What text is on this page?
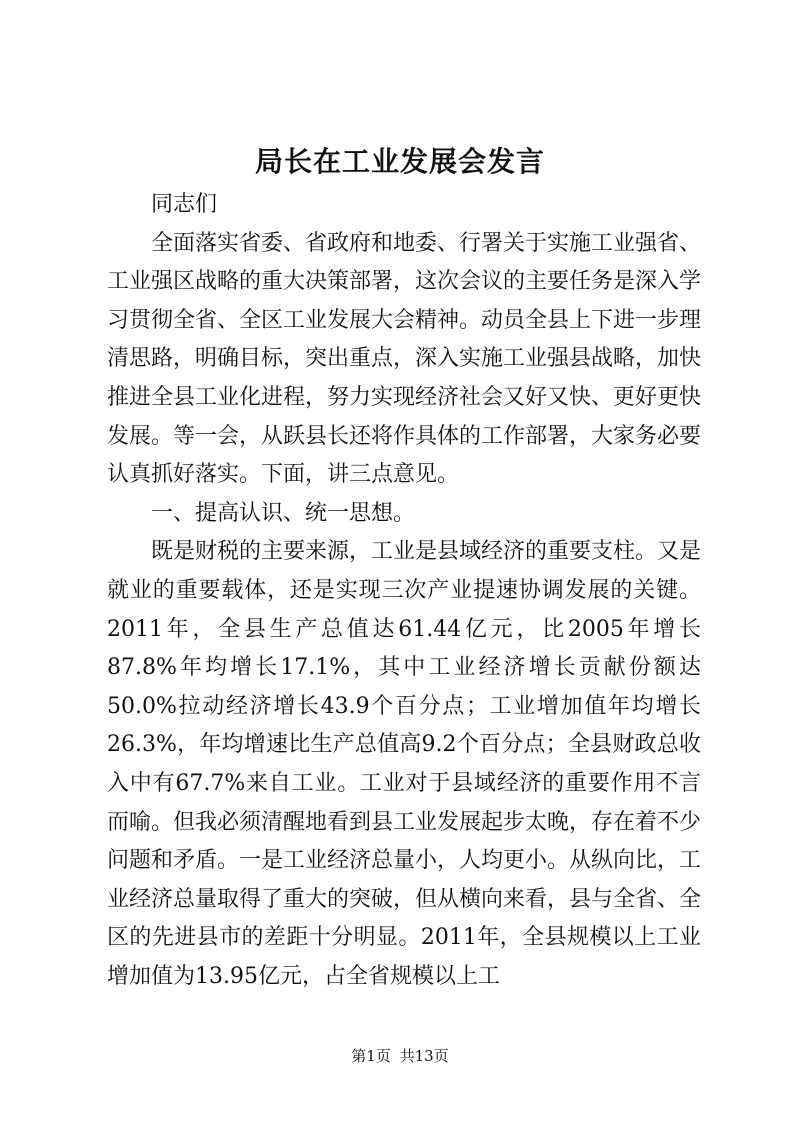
局长在工业发展会发言

同志们

全面落实省委、省政府和地委、行署关于实施工业强省、工业强区战略的重大决策部署，这次会议的主要任务是深入学习贯彻全省、全区工业发展大会精神。动员全县上下进一步理清思路，明确目标，突出重点，深入实施工业强县战略，加快推进全县工业化进程，努力实现经济社会又好又快、更好更快发展。等一会，从跃县长还将作具体的工作部署，大家务必要认真抓好落实。下面，讲三点意见。

一、提高认识、统一思想。

既是财税的主要来源，工业是县域经济的重要支柱。又是就业的重要载体，还是实现三次产业提速协调发展的关键。2011年，全县生产总值达61.44亿元，比2005年增长87.8%年均增长17.1%，其中工业经济增长贡献份额达50.0%拉动经济增长43.9个百分点；工业增加值年均增长26.3%，年均增速比生产总值高9.2个百分点；全县财政总收入中有67.7%来自工业。工业对于县域经济的重要作用不言而喻。但我必须清醒地看到县工业发展起步太晚，存在着不少问题和矛盾。一是工业经济总量小，人均更小。从纵向比，工业经济总量取得了重大的突破，但从横向来看，县与全省、全区的先进县市的差距十分明显。2011年，全县规模以上工业增加值为13.95亿元，占全省规模以上工

第1页 共13页
